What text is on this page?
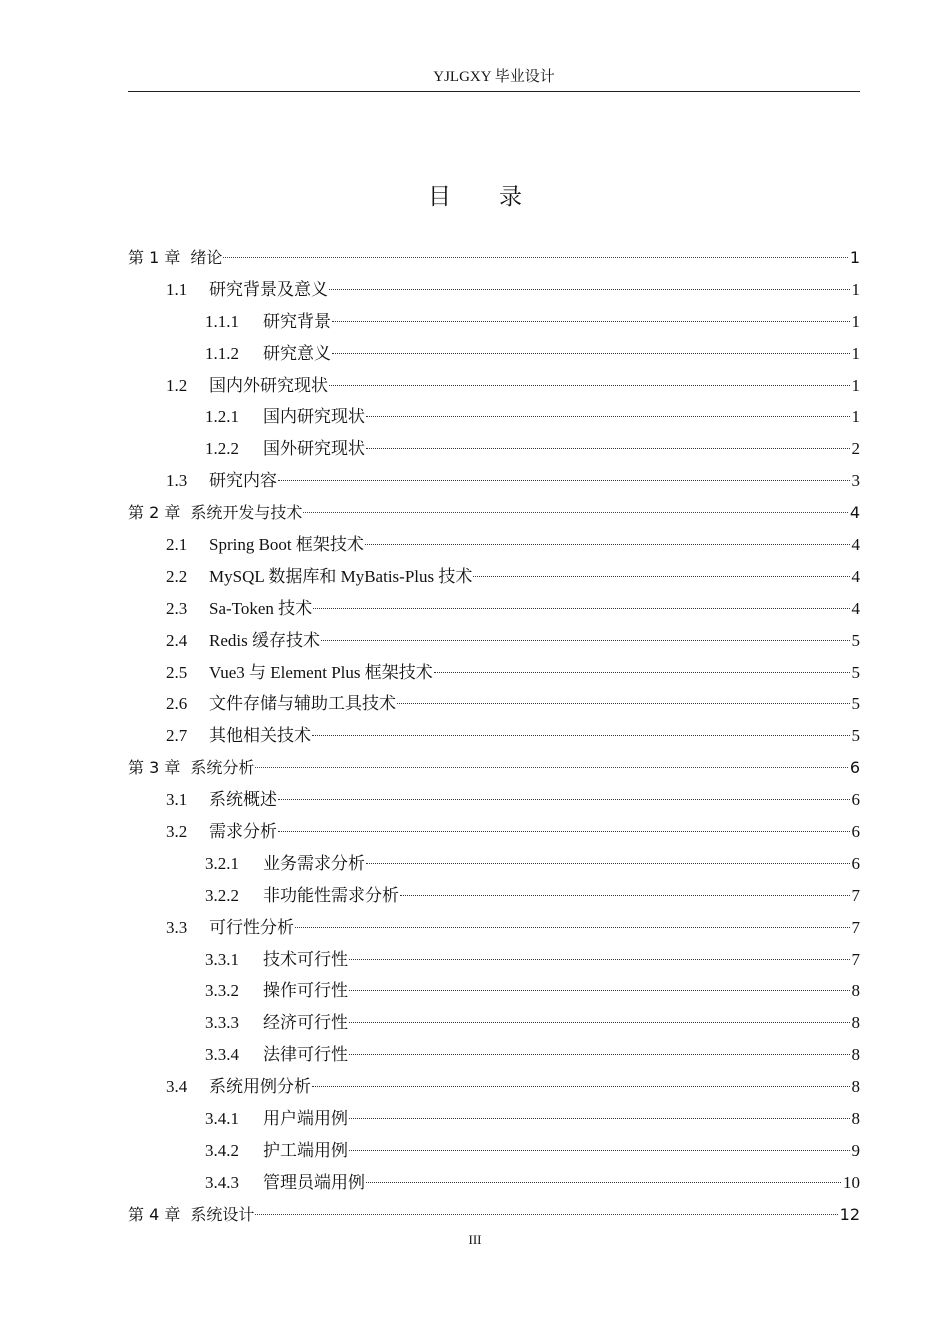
YJLGXY 毕业设计
目 录
第 1 章 绪论	1
1.1	研究背景及意义	1
1.1.1	研究背景	1
1.1.2	研究意义	1
1.2	国内外研究现状	1
1.2.1	国内研究现状	1
1.2.2	国外研究现状	2
1.3	研究内容	3
第 2 章 系统开发与技术	4
2.1	Spring Boot 框架技术	4
2.2	MySQL 数据库和 MyBatis-Plus 技术	4
2.3	Sa-Token 技术	4
2.4	Redis 缓存技术	5
2.5	Vue3 与 Element Plus 框架技术	5
2.6	文件存储与辅助工具技术	5
2.7	其他相关技术	5
第 3 章 系统分析	6
3.1	系统概述	6
3.2	需求分析	6
3.2.1	业务需求分析	6
3.2.2	非功能性需求分析	7
3.3	可行性分析	7
3.3.1	技术可行性	7
3.3.2	操作可行性	8
3.3.3	经济可行性	8
3.3.4	法律可行性	8
3.4	系统用例分析	8
3.4.1	用户端用例	8
3.4.2	护工端用例	9
3.4.3	管理员端用例	10
第 4 章 系统设计	12
III
